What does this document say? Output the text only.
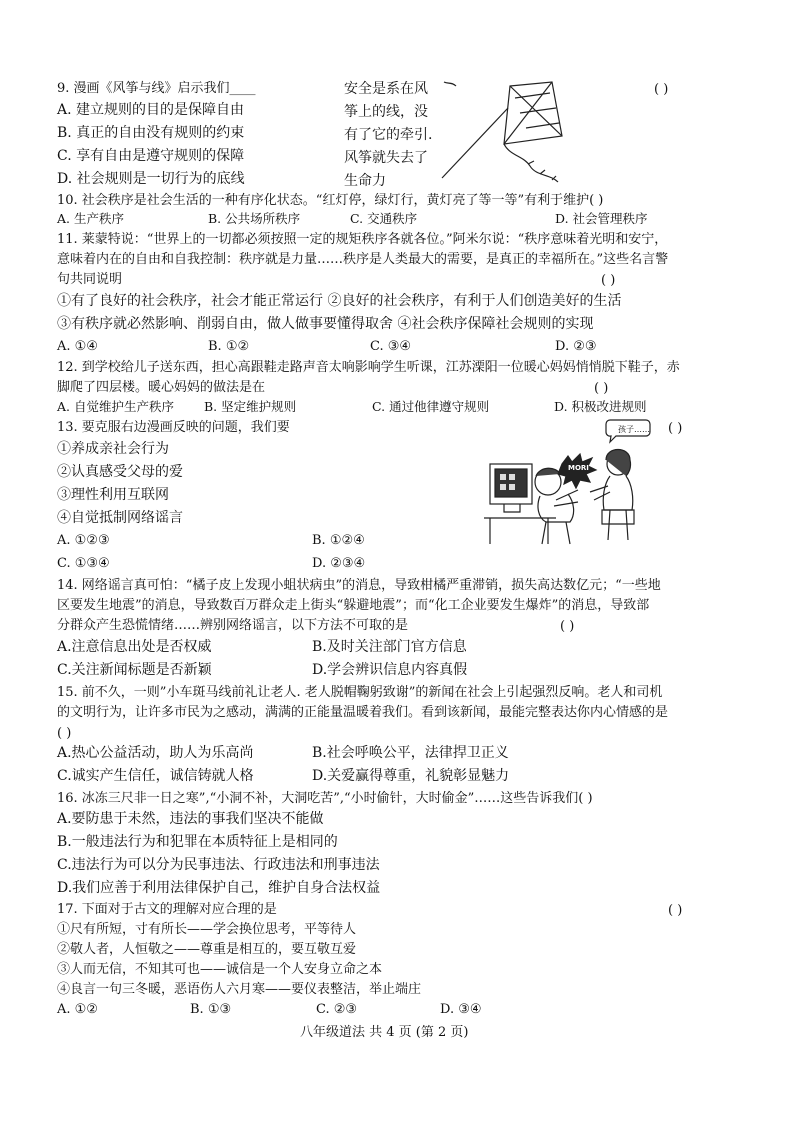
9. 漫画《风筝与线》启示我们____	( )
A. 建立规则的目的是保障自由
B. 真正的自由没有规则的约束
C. 享有自由是遵守规则的保障
D. 社会规则是一切行为的底线
安全是系在风
筝上的线，没
有了它的牵引.
风筝就失去了
生命力
10. 社会秩序是社会生活的一种有序化状态。“红灯停，绿灯行，黄灯亮了等一等”有利于维护( )
A. 生产秩序	B. 公共场所秩序	C. 交通秩序	D. 社会管理秩序
11. 莱蒙特说：“世界上的一切都必须按照一定的规矩秩序各就各位。”阿米尔说：“秩序意味着光明和安宁，
意味着内在的自由和自我控制：秩序就是力量……秩序是人类最大的需要，是真正的幸福所在。”这些名言警
句共同说明	( )
①有了良好的社会秩序，社会才能正常运行 ②良好的社会秩序，有利于人们创造美好的生活
③有秩序就必然影响、削弱自由，做人做事要懂得取舍 ④社会秩序保障社会规则的实现
A. ①④	B. ①②	C. ③④	D. ②③
12. 到学校给儿子送东西，担心高跟鞋走路声音太响影响学生听课，江苏溧阳一位暖心妈妈悄悄脱下鞋子，赤
脚爬了四层楼。暖心妈妈的做法是在	( )
A. 自觉维护生产秩序 B. 坚定维护规则	C. 通过他律遵守规则	D. 积极改进规则
13. 要克服右边漫画反映的问题，我们要	( )
①养成亲社会行为
②认真感受父母的爱
③理性利用互联网
④自觉抵制网络谣言
A. ①②③	B. ①②④
C. ①③④	D. ②③④
孩子……
MORI
14. 网络谣言真可怕：“橘子皮上发现小蛆状病虫”的消息，导致柑橘严重滞销，损失高达数亿元；“一些地
区要发生地震”的消息，导致数百万群众走上街头“躲避地震”；而“化工企业要发生爆炸”的消息，导致部
分群众产生恐慌情绪……辨别网络谣言，以下方法不可取的是	( )
A.注意信息出处是否权威	B.及时关注部门官方信息
C.关注新闻标题是否新颖	D.学会辨识信息内容真假
15. 前不久，一则”小车斑马线前礼让老人. 老人脱帽鞠躬致谢”的新闻在社会上引起强烈反响。老人和司机
的文明行为，让许多市民为之感动，满满的正能量温暖着我们。看到该新闻，最能完整表达你内心情感的是
( )
A.热心公益活动，助人为乐高尚	B.社会呼唤公平，法律捍卫正义
C.诚实产生信任，诚信铸就人格	D.关爱赢得尊重，礼貌彰显魅力
16. 冰冻三尺非一日之寒”,“小洞不补，大洞吃苦”,“小时偷针，大时偷金”……这些告诉我们( )
A.要防患于未然，违法的事我们坚决不能做
B.一般违法行为和犯罪在本质特征上是相同的
C.违法行为可以分为民事违法、行政违法和刑事违法
D.我们应善于利用法律保护自己，维护自身合法权益
17. 下面对于古文的理解对应合理的是	( )
①尺有所短，寸有所长——学会换位思考，平等待人
②敬人者，人恒敬之——尊重是相互的，要互敬互爱
③人而无信，不知其可也——诚信是一个人安身立命之本
④良言一句三冬暖，恶语伤人六月寒——要仪表整洁，举止端庄
A. ①②	B. ①③	C. ②③	D. ③④
八年级道法 共 4 页 (第 2 页)
